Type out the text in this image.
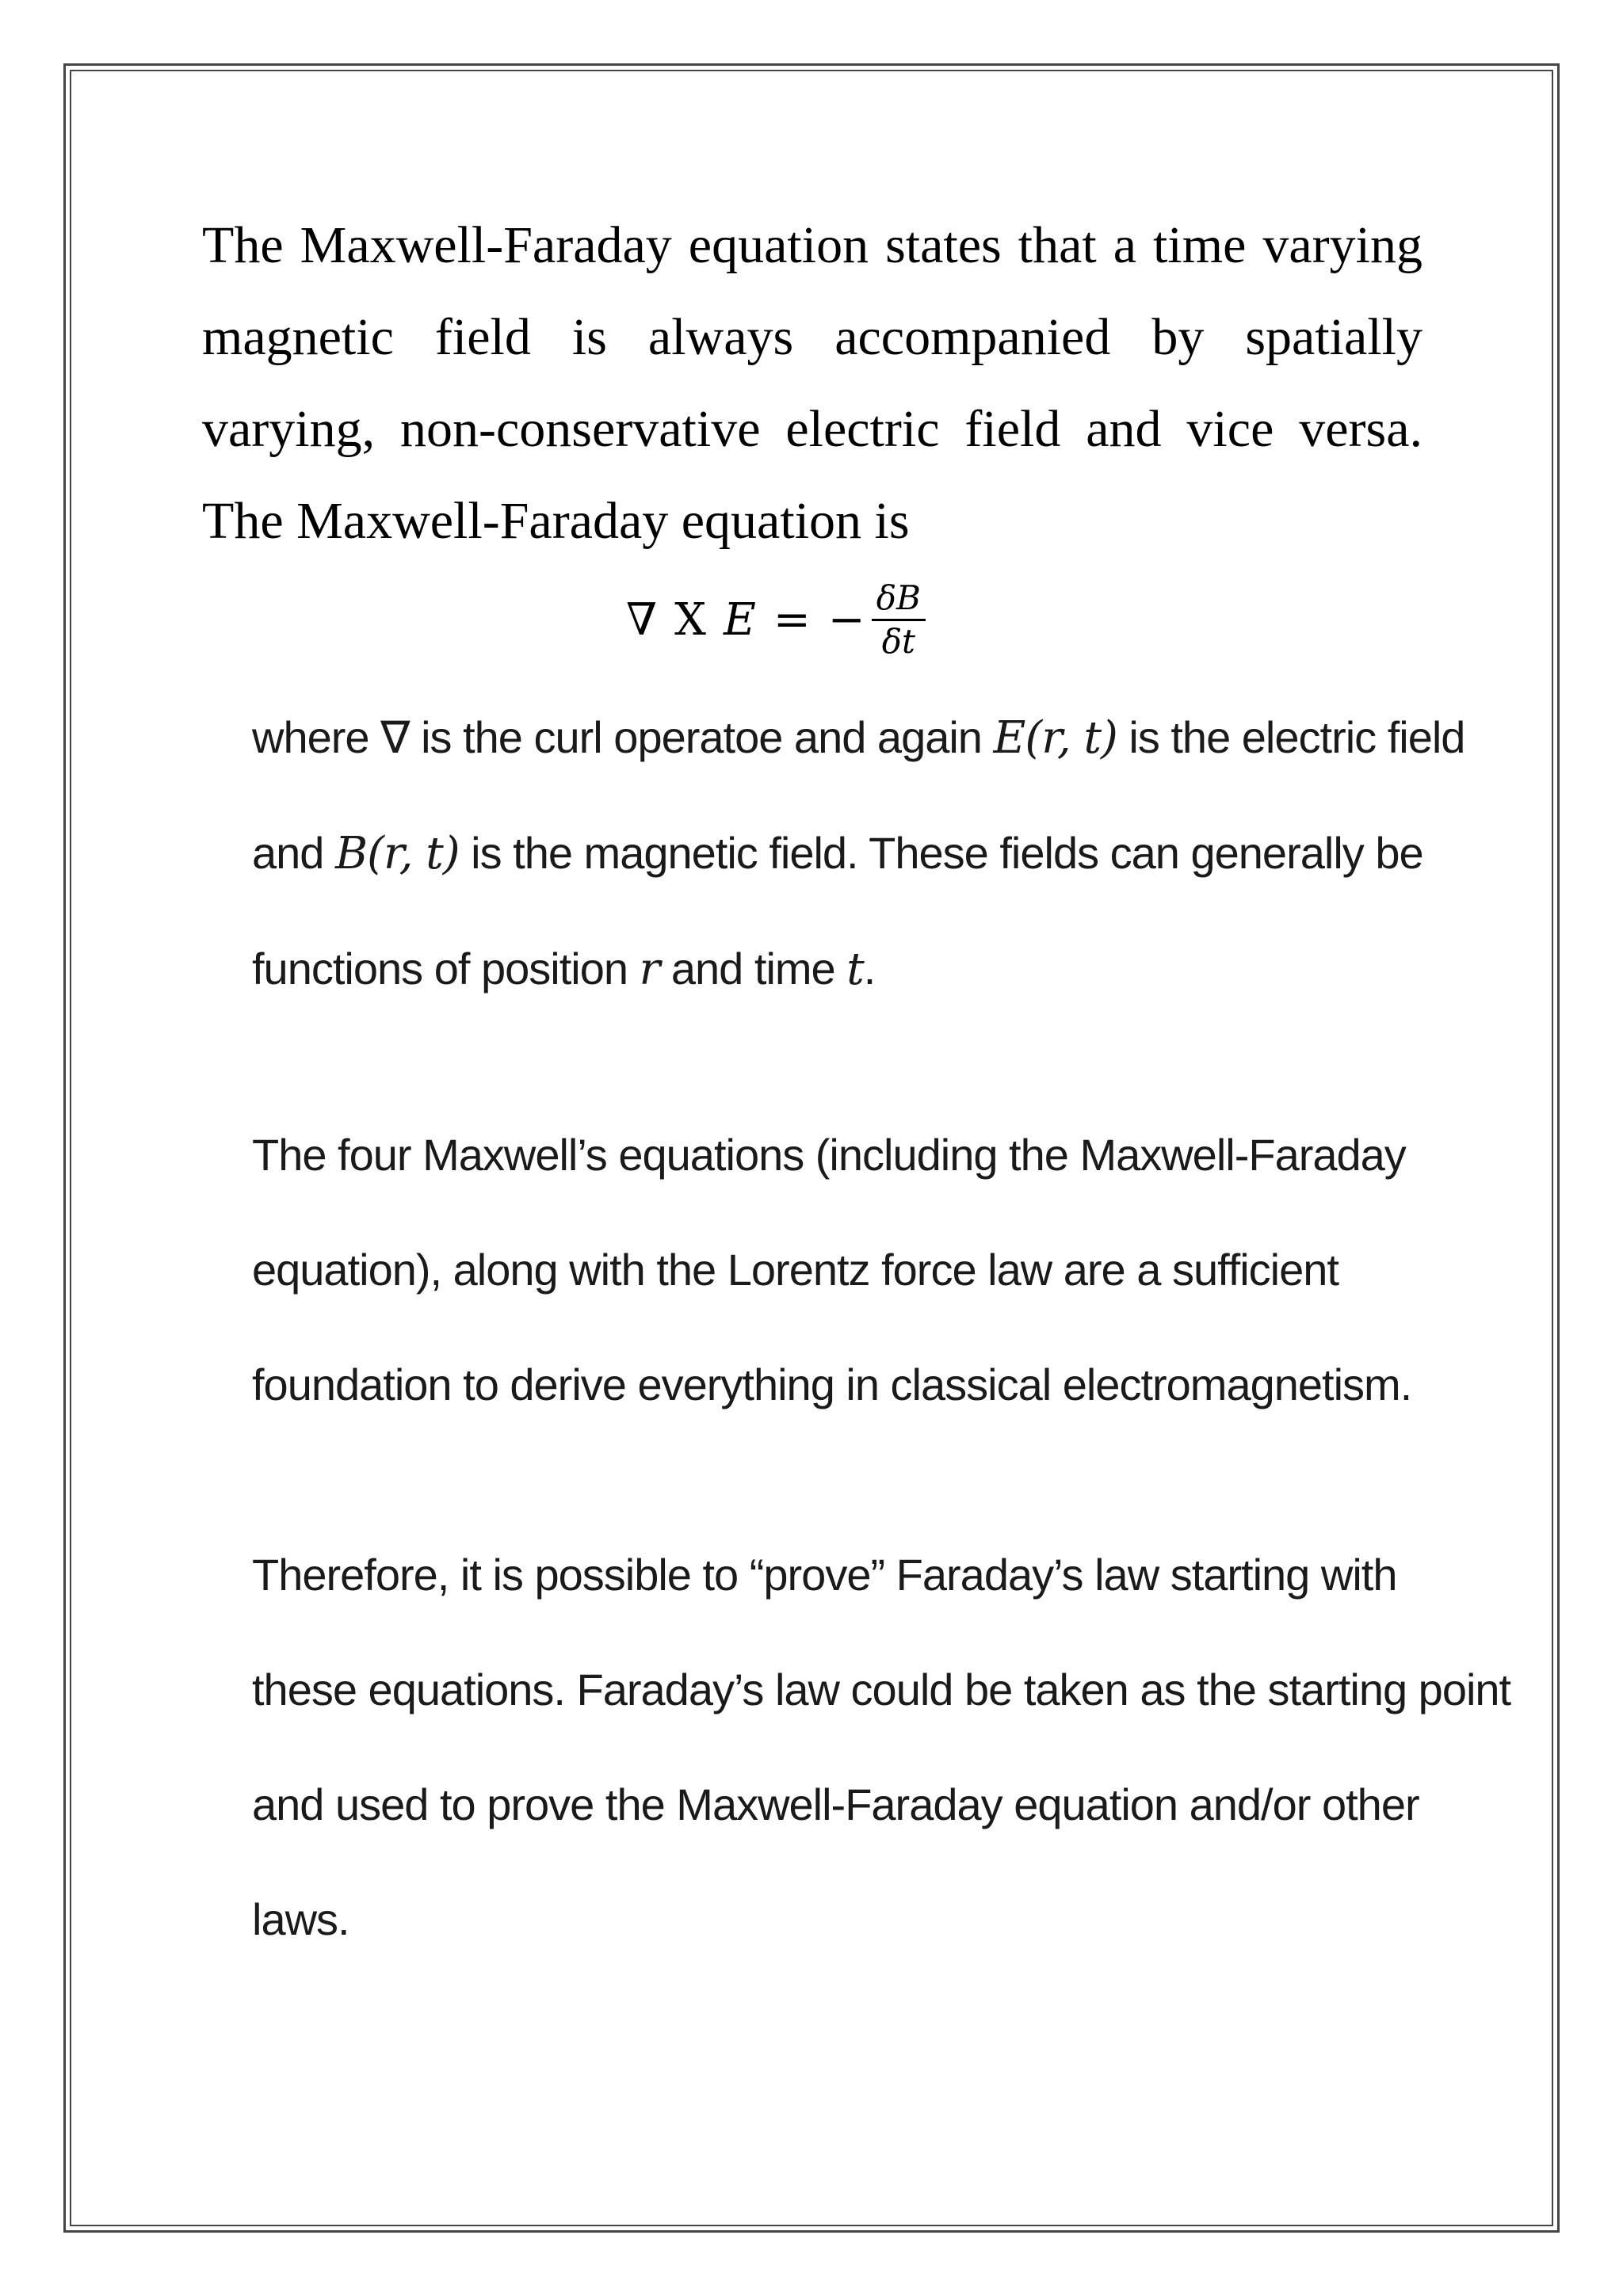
The Maxwell-Faraday equation states that a time varying magnetic field is always accompanied by spatially varying, non-conservative electric field and vice versa. The Maxwell-Faraday equation is

∇ X E = − $\frac{\delta B}{\delta t}$
where ∇ is the curl operatoe and again E(r, t) is the electric field
and B(r, t) is the magnetic field. These fields can generally be
functions of position r and time t.
The four Maxwell’s equations (including the Maxwell-Faraday
equation), along with the Lorentz force law are a sufficient
foundation to derive everything in classical electromagnetism.
Therefore, it is possible to “prove” Faraday’s law starting with
these equations. Faraday’s law could be taken as the starting point
and used to prove the Maxwell-Faraday equation and/or other
laws.
